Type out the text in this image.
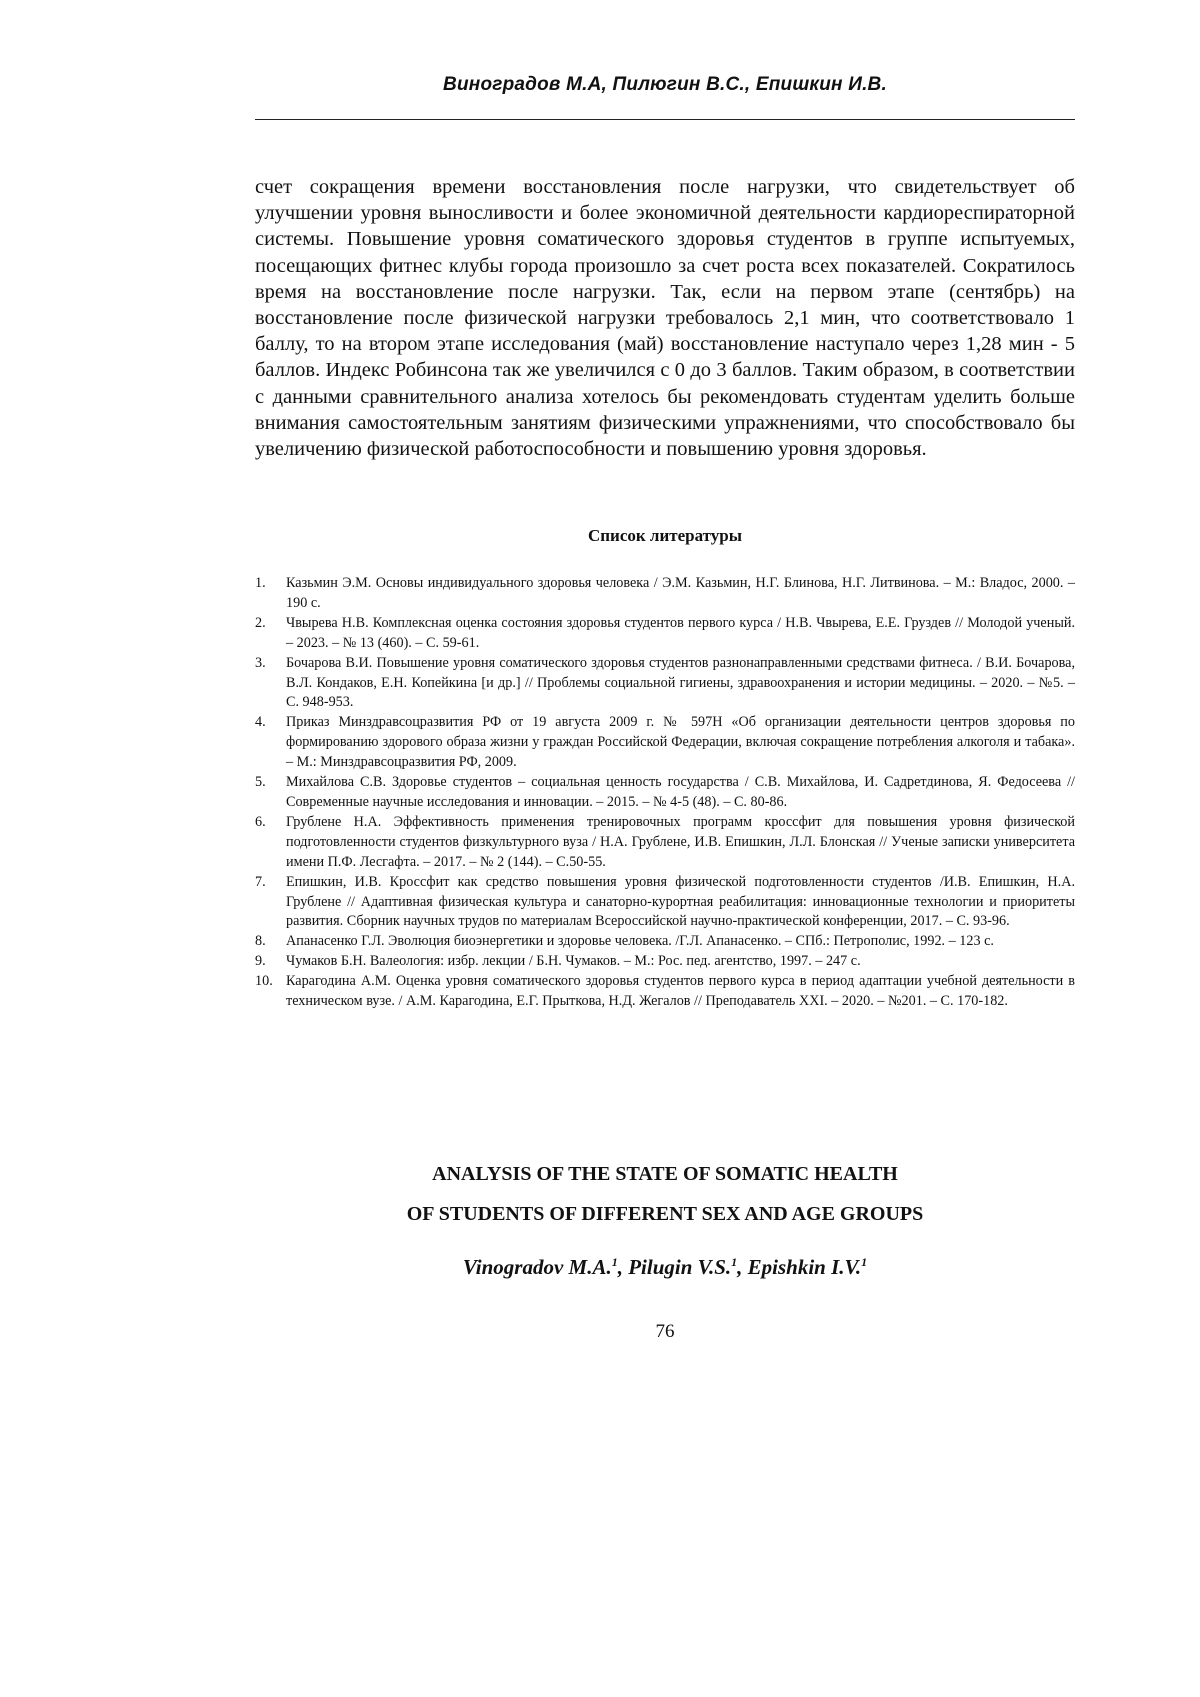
Виноградов М.А, Пилюгин В.С., Епишкин И.В.

счет сокращения времени восстановления после нагрузки, что свидетельствует об улучшении уровня выносливости и более экономичной деятельности кардиореспираторной системы. Повышение уровня соматического здоровья студентов в группе испытуемых, посещающих фитнес клубы города произошло за счет роста всех показателей. Сократилось время на восстановление после нагрузки. Так, если на первом этапе (сентябрь) на восстановление после физической нагрузки требовалось 2,1 мин, что соответствовало 1 баллу, то на втором этапе исследования (май) восстановление наступало через 1,28 мин - 5 баллов. Индекс Робинсона так же увеличился с 0 до 3 баллов. Таким образом, в соответствии с данными сравнительного анализа хотелось бы рекомендовать студентам уделить больше внимания самостоятельным занятиям физическими упражнениями, что способствовало бы увеличению физической работоспособности и повышению уровня здоровья.

Список литературы
1. Казьмин Э.М. Основы индивидуального здоровья человека / Э.М. Казьмин, Н.Г. Блинова, Н.Г. Литвинова. – М.: Владос, 2000. – 190 с.
2. Чвырева Н.В. Комплексная оценка состояния здоровья студентов первого курса / Н.В. Чвырева, Е.Е. Груздев // Молодой ученый. – 2023. – № 13 (460). – С. 59-61.
3. Бочарова В.И. Повышение уровня соматического здоровья студентов разнонаправленными средствами фитнеса. / В.И. Бочарова, В.Л. Кондаков, Е.Н. Копейкина [и др.] // Проблемы социальной гигиены, здравоохранения и истории медицины. – 2020. – №5. – С. 948-953.
4. Приказ Минздравсоцразвития РФ от 19 августа 2009 г. № 597Н «Об организации деятельности центров здоровья по формированию здорового образа жизни у граждан Российской Федерации, включая сокращение потребления алкоголя и табака». – М.: Минздравсоцразвития РФ, 2009.
5. Михайлова С.В. Здоровье студентов – социальная ценность государства / С.В. Михайлова, И. Садретдинова, Я. Федосеева // Современные научные исследования и инновации. – 2015. – № 4-5 (48). – С. 80-86.
6. Грублене Н.А. Эффективность применения тренировочных программ кроссфит для повышения уровня физической подготовленности студентов физкультурного вуза / Н.А. Грублене, И.В. Епишкин, Л.Л. Блонская // Ученые записки университета имени П.Ф. Лесгафта. – 2017. – № 2 (144). – С.50-55.
7. Епишкин, И.В. Кроссфит как средство повышения уровня физической подготовленности студентов /И.В. Епишкин, Н.А. Грублене // Адаптивная физическая культура и санаторно-курортная реабилитация: инновационные технологии и приоритеты развития. Сборник научных трудов по материалам Всероссийской научно-практической конференции, 2017. – С. 93-96.
8. Апанасенко Г.Л. Эволюция биоэнергетики и здоровье человека. /Г.Л. Апанасенко. – СПб.: Петрополис, 1992. – 123 с.
9. Чумаков Б.Н. Валеология: избр. лекции / Б.Н. Чумаков. – М.: Рос. пед. агентство, 1997. – 247 с.
10. Карагодина А.М. Оценка уровня соматического здоровья студентов первого курса в период адаптации учебной деятельности в техническом вузе. / А.М. Карагодина, Е.Г. Прыткова, Н.Д. Жегалов // Преподаватель XXI. – 2020. – №201. – С. 170-182.
ANALYSIS OF THE STATE OF SOMATIC HEALTH
OF STUDENTS OF DIFFERENT SEX AND AGE GROUPS
Vinogradov M.A.1, Pilugin V.S.1, Epishkin I.V.1
76
